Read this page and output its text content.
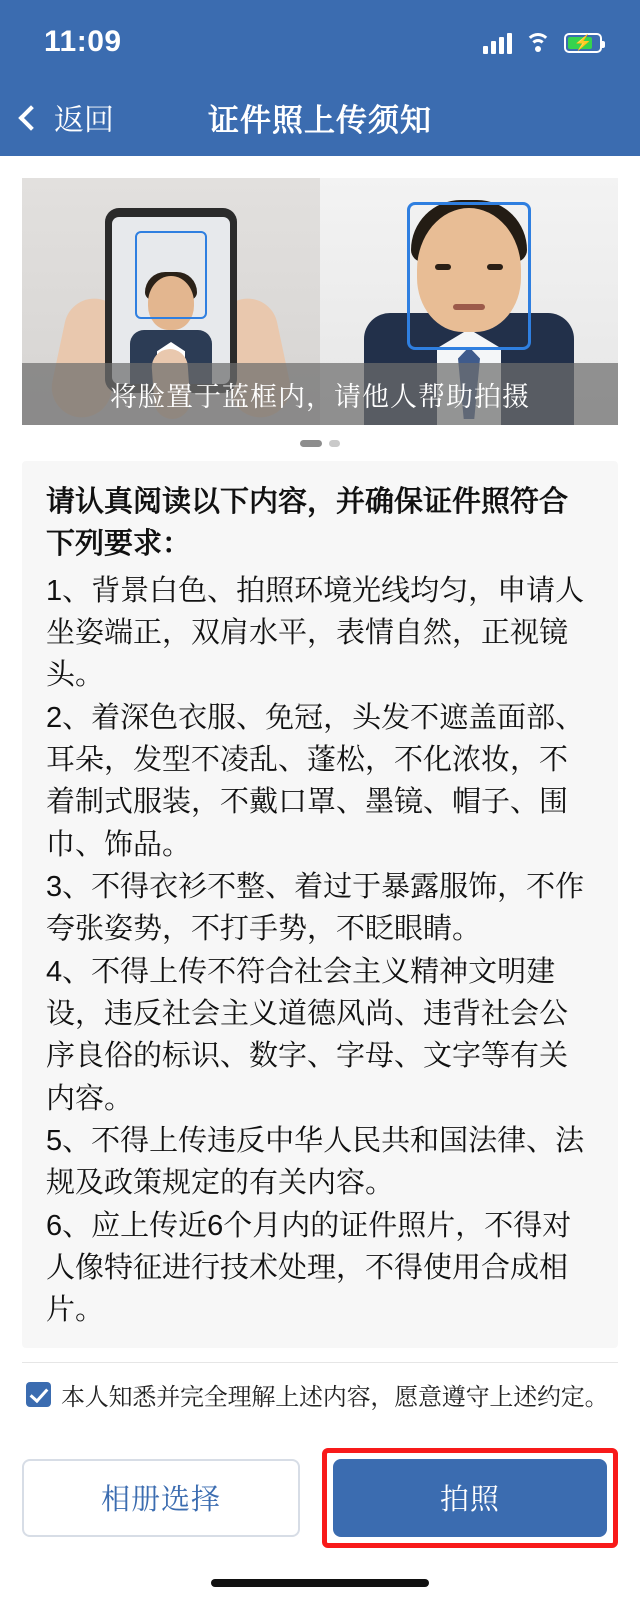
11:09	⚡
返回	证件照上传须知
将脸置于蓝框内，请他人帮助拍摄
请认真阅读以下内容，并确保证件照符合下列要求：

1、背景白色、拍照环境光线均匀，申请人坐姿端正，双肩水平，表情自然，正视镜头。

2、着深色衣服、免冠，头发不遮盖面部、耳朵，发型不凌乱、蓬松，不化浓妆，不着制式服装，不戴口罩、墨镜、帽子、围巾、饰品。

3、不得衣衫不整、着过于暴露服饰，不作夸张姿势，不打手势，不眨眼睛。

4、不得上传不符合社会主义精神文明建设，违反社会主义道德风尚、违背社会公序良俗的标识、数字、字母、文字等有关内容。

5、不得上传违反中华人民共和国法律、法规及政策规定的有关内容。

6、应上传近6个月内的证件照片，不得对人像特征进行技术处理，不得使用合成相片。

本人知悉并完全理解上述内容，愿意遵守上述约定。
相册选择	拍照
